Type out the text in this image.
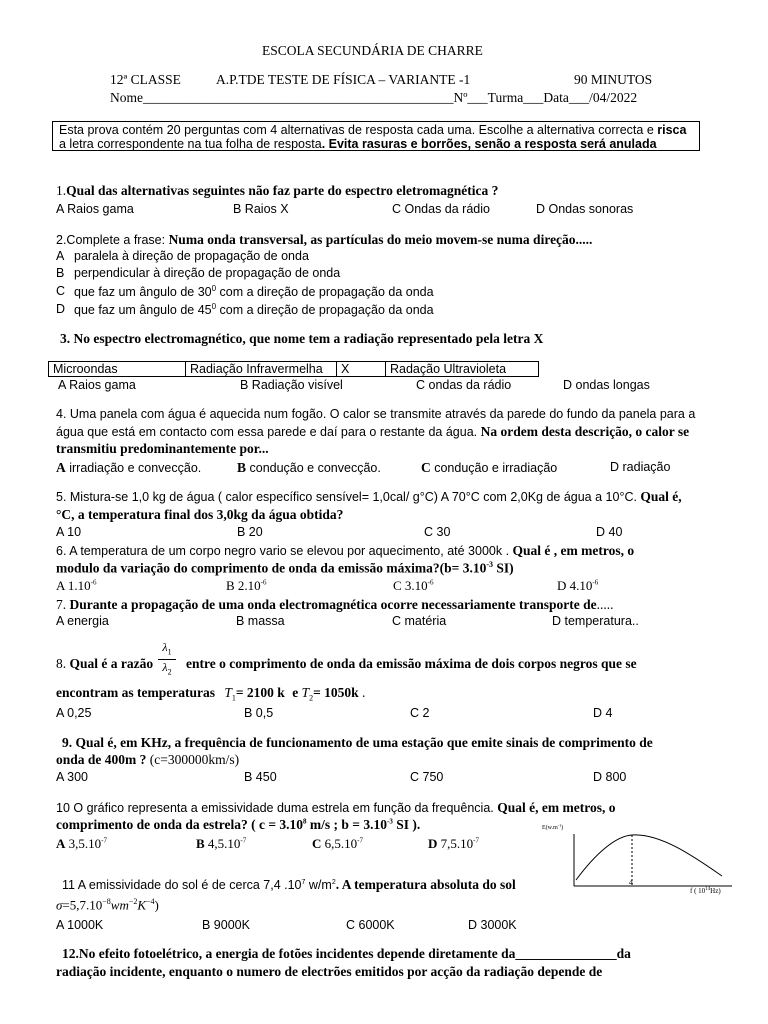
ESCOLA SECUNDÁRIA DE CHARRE
12ª CLASSE	A.P.TDE TESTE DE FÍSICA – VARIANTE -1	90 MINUTOS
Nome______________________________________________Nº___Turma___Data___/04/2022
Esta prova contém 20 perguntas com 4 alternativas de resposta cada uma. Escolhe a alternativa correcta e risca a letra correspondente na tua folha de resposta. Evita rasuras e borrões, senão a resposta será anulada
1.Qual das alternativas seguintes não faz parte do espectro eletromagnética ?
A Raios gama	B Raios X	C Ondas da rádio	D Ondas sonoras
2.Complete a frase: Numa onda transversal, as partículas do meio movem-se numa direção.....
A paralela à direção de propagação de onda
B perpendicular à direção de propagação de onda
C que faz um ângulo de $30^0$ com a direção de propagação da onda
D que faz um ângulo de $45^0$ com a direção de propagação da onda
3. No espectro electromagnético, que nome tem a radiação representado pela letra X
Microondas	Radiação Infravermelha	X	Radação Ultravioleta
A Raios gama	B Radiação visível	C ondas da rádio	D ondas longas
4. Uma panela com água é aquecida num fogão. O calor se transmite através da parede do fundo da panela para a
água que está em contacto com essa parede e daí para o restante da água. Na ordem desta descrição, o calor se
transmitiu predominantemente por...
A irradiação e convecção.	B condução e convecção.	C condução e irradiação	D radiação
5. Mistura-se 1,0 kg de água ( calor específico sensível= 1,0cal/ g°C) A 70°C com 2,0Kg de água a 10°C. Qual é,
°C, a temperatura final dos 3,0kg da água obtida?
A 10	B 20	C 30	D 40
6. A temperatura de um corpo negro vario se elevou por aquecimento, até 3000k . Qual é , em metros, o
modulo da variação do comprimento de onda da emissão máxima?(b= $3.10^{-3}$ SI)
A $1.10^{-6}$	B $2.10^{-6}$	C $3.10^{-6}$	D $4.10^{-6}$
7. Durante a propagação de uma onda electromagnética ocorre necessariamente transporte de.....
A energia	B massa	C matéria	D temperatura..
8. Qual é a razão $\frac{\lambda_1}{\lambda_2}$ entre o comprimento de onda da emissão máxima de dois corpos negros que se
encontram as temperaturas $T_1= 2100$ k e $T_2= 1050k$ .
A 0,25	B 0,5	C 2	D 4
9. Qual é, em KHz, a frequência de funcionamento de uma estação que emite sinais de comprimento de
onda de 400m ? (c=300000km/s)
A 300	B 450	C 750	D 800
10 O gráfico representa a emissividade duma estrela em função da frequência. Qual é, em metros, o
comprimento de onda da estrela? ( $c = 3.10^8$ m/s ; $b = 3.10^{-3}$ SI ).
A $3,5.10^{-7}$	B $4,5.10^{-7}$	C $6,5.10^{-7}$	D $7,5.10^{-7}$
$E(w.m^{-1})$
4
f ( $10^{14}Hz$)
11 A emissividade do sol é de cerca 7,4 $.10^7$ $w/m^2$. A temperatura absoluta do sol
$\sigma=5,7.10^{-8}wm^{-2}K^{-4}$)
A 1000K	B 9000K	C 6000K	D 3000K
12.No efeito fotoelétrico, a energia de fotões incidentes depende diretamente da_______________da
radiação incidente, enquanto o numero de electrões emitidos por acção da radiação depende de
